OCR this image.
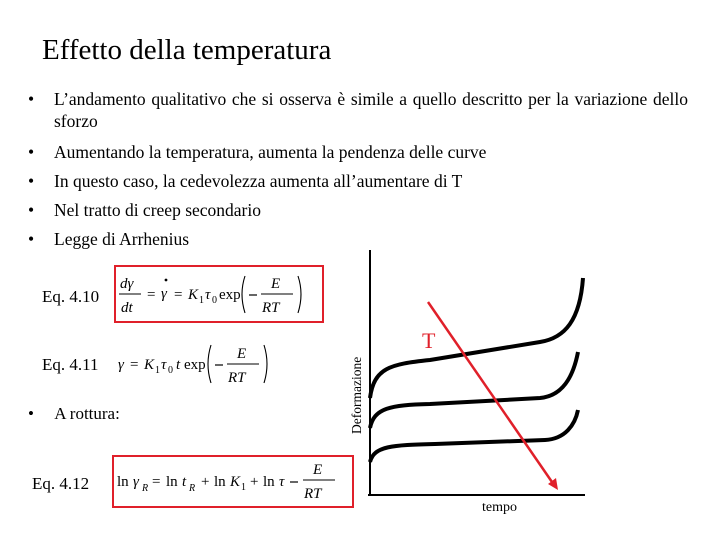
Effetto della temperatura
• L’andamento qualitativo che si osserva è simile a quello descritto per la variazione dello sforzo
• Aumentando la temperatura, aumenta la pendenza delle curve
• In questo caso, la cedevolezza aumenta all’aumentare di T
• Nel tratto di creep secondario
• Legge di Arrhenius
Eq. 4.10
dγ
dt
= γ = K 1 τ 0 exp
E
RT
Eq. 4.11 γ = K 1 τ 0 t exp
E
RT
• A rottura:
Eq. 4.12 ln γ R = ln t R + ln K 1 + ln τ
E
RT
T
tempo
Deformazione
